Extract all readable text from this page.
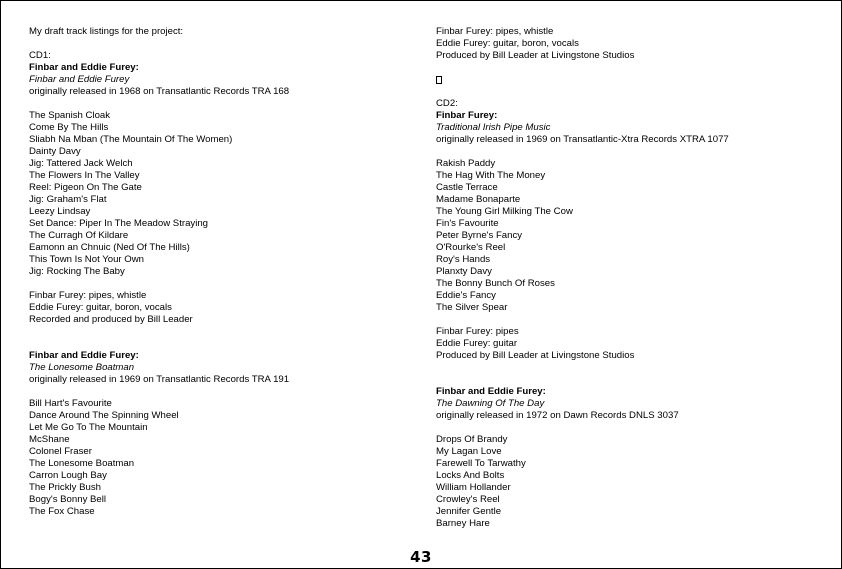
My draft track listings for the project:
CD1:
Finbar and Eddie Furey:
Finbar and Eddie Furey
originally released in 1968 on Transatlantic Records TRA 168
The Spanish Cloak
Come By The Hills
Sliabh Na Mban (The Mountain Of The Women)
Dainty Davy
Jig: Tattered Jack Welch
The Flowers In The Valley
Reel: Pigeon On The Gate
Jig: Graham's Flat
Leezy Lindsay
Set Dance: Piper In The Meadow Straying
The Curragh Of Kildare
Eamonn an Chnuic (Ned Of The Hills)
This Town Is Not Your Own
Jig: Rocking The Baby
Finbar Furey: pipes, whistle
Eddie Furey: guitar, boron, vocals
Recorded and produced by Bill Leader
Finbar and Eddie Furey:
The Lonesome Boatman
originally released in 1969 on Transatlantic Records TRA 191
Bill Hart's Favourite
Dance Around The Spinning Wheel
Let Me Go To The Mountain
McShane
Colonel Fraser
The Lonesome Boatman
Carron Lough Bay
The Prickly Bush
Bogy's Bonny Bell
The Fox Chase
Finbar Furey: pipes, whistle
Eddie Furey: guitar, boron, vocals
Produced by Bill Leader at Livingstone Studios
CD2:
Finbar Furey:
Traditional Irish Pipe Music
originally released in 1969 on Transatlantic-Xtra Records XTRA 1077
Rakish Paddy
The Hag With The Money
Castle Terrace
Madame Bonaparte
The Young Girl Milking The Cow
Fin's Favourite
Peter Byrne's Fancy
O'Rourke's Reel
Roy's Hands
Planxty Davy
The Bonny Bunch Of Roses
Eddie's Fancy
The Silver Spear
Finbar Furey: pipes
Eddie Furey: guitar
Produced by Bill Leader at Livingstone Studios
Finbar and Eddie Furey:
The Dawning Of The Day
originally released in 1972 on Dawn Records DNLS 3037
Drops Of Brandy
My Lagan Love
Farewell To Tarwathy
Locks And Bolts
William Hollander
Crowley's Reel
Jennifer Gentle
Barney Hare
43
